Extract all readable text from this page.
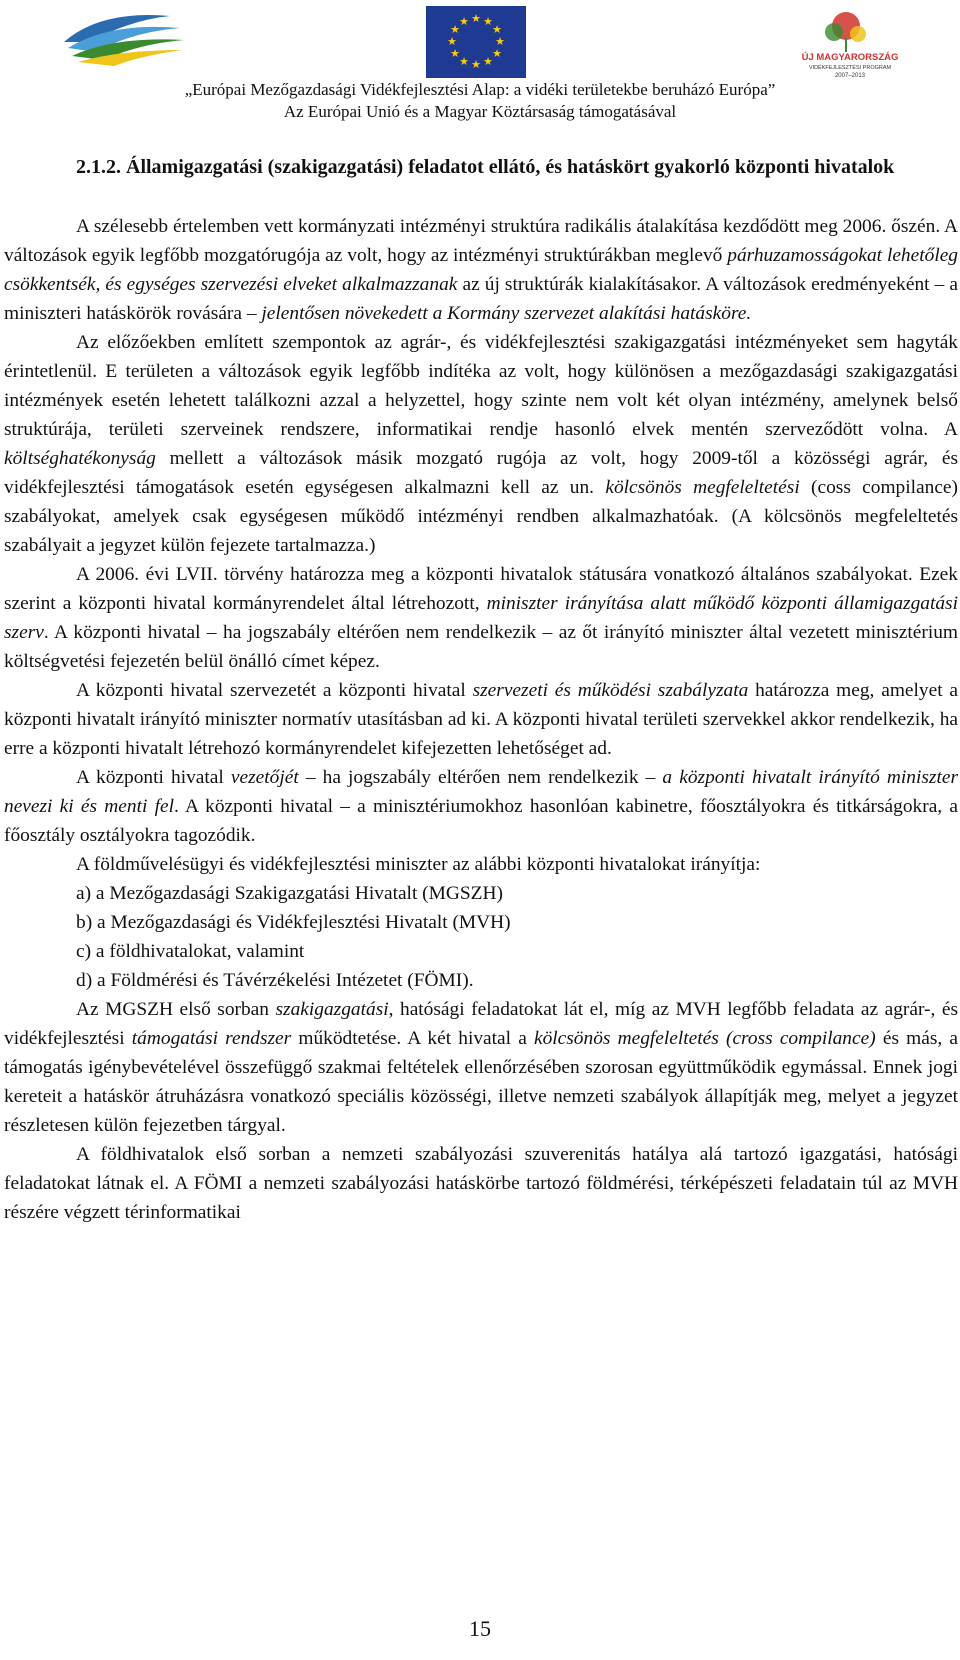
★ ★
★
★
★
★
★
★
★
★
★
★
ÚJ MAGYARORSZÁG
VIDÉKFEJLESZTÉSI PROGRAM
2007–2013
„Európai Mezőgazdasági Vidékfejlesztési Alap: a vidéki területekbe beruházó Európa”
Az Európai Unió és a Magyar Köztársaság támogatásával

2.1.2. Államigazgatási (szakigazgatási) feladatot ellátó, és hatáskört gyakorló központi hivatalok

A szélesebb értelemben vett kormányzati intézményi struktúra radikális átalakítása kezdődött meg 2006. őszén. A változások egyik legfőbb mozgatórugója az volt, hogy az intézményi struktúrákban meglevő párhuzamosságokat lehetőleg csökkentsék, és egységes szervezési elveket alkalmazzanak az új struktúrák kialakításakor. A változások eredményeként – a miniszteri hatáskörök rovására – jelentősen növekedett a Kormány szervezet alakítási hatásköre.

Az előzőekben említett szempontok az agrár-, és vidékfejlesztési szakigazgatási intézményeket sem hagyták érintetlenül. E területen a változások egyik legfőbb indítéka az volt, hogy különösen a mezőgazdasági szakigazgatási intézmények esetén lehetett találkozni azzal a helyzettel, hogy szinte nem volt két olyan intézmény, amelynek belső struktúrája, területi szerveinek rendszere, informatikai rendje hasonló elvek mentén szerveződött volna. A költséghatékonyság mellett a változások másik mozgató rugója az volt, hogy 2009-től a közösségi agrár, és vidékfejlesztési támogatások esetén egységesen alkalmazni kell az un. kölcsönös megfeleltetési (coss compilance) szabályokat, amelyek csak egységesen működő intézményi rendben alkalmazhatóak. (A kölcsönös megfeleltetés szabályait a jegyzet külön fejezete tartalmazza.)

A 2006. évi LVII. törvény határozza meg a központi hivatalok státusára vonatkozó általános szabályokat. Ezek szerint a központi hivatal kormányrendelet által létrehozott, miniszter irányítása alatt működő központi államigazgatási szerv. A központi hivatal – ha jogszabály eltérően nem rendelkezik – az őt irányító miniszter által vezetett minisztérium költségvetési fejezetén belül önálló címet képez.

A központi hivatal szervezetét a központi hivatal szervezeti és működési szabályzata határozza meg, amelyet a központi hivatalt irányító miniszter normatív utasításban ad ki. A központi hivatal területi szervekkel akkor rendelkezik, ha erre a központi hivatalt létrehozó kormányrendelet kifejezetten lehetőséget ad.

A központi hivatal vezetőjét – ha jogszabály eltérően nem rendelkezik – a központi hivatalt irányító miniszter nevezi ki és menti fel. A központi hivatal – a minisztériumokhoz hasonlóan kabinetre, főosztályokra és titkárságokra, a főosztály osztályokra tagozódik.

A földművelésügyi és vidékfejlesztési miniszter az alábbi központi hivatalokat irányítja:

a) a Mezőgazdasági Szakigazgatási Hivatalt (MGSZH)

b) a Mezőgazdasági és Vidékfejlesztési Hivatalt (MVH)

c) a földhivatalokat, valamint

d) a Földmérési és Távérzékelési Intézetet (FÖMI).

Az MGSZH első sorban szakigazgatási, hatósági feladatokat lát el, míg az MVH legfőbb feladata az agrár-, és vidékfejlesztési támogatási rendszer működtetése. A két hivatal a kölcsönös megfeleltetés (cross compilance) és más, a támogatás igénybevételével összefüggő szakmai feltételek ellenőrzésében szorosan együttműködik egymással. Ennek jogi kereteit a hatáskör átruházásra vonatkozó speciális közösségi, illetve nemzeti szabályok állapítják meg, melyet a jegyzet részletesen külön fejezetben tárgyal.

A földhivatalok első sorban a nemzeti szabályozási szuverenitás hatálya alá tartozó igazgatási, hatósági feladatokat látnak el. A FÖMI a nemzeti szabályozási hatáskörbe tartozó földmérési, térképészeti feladatain túl az MVH részére végzett térinformatikai

15
